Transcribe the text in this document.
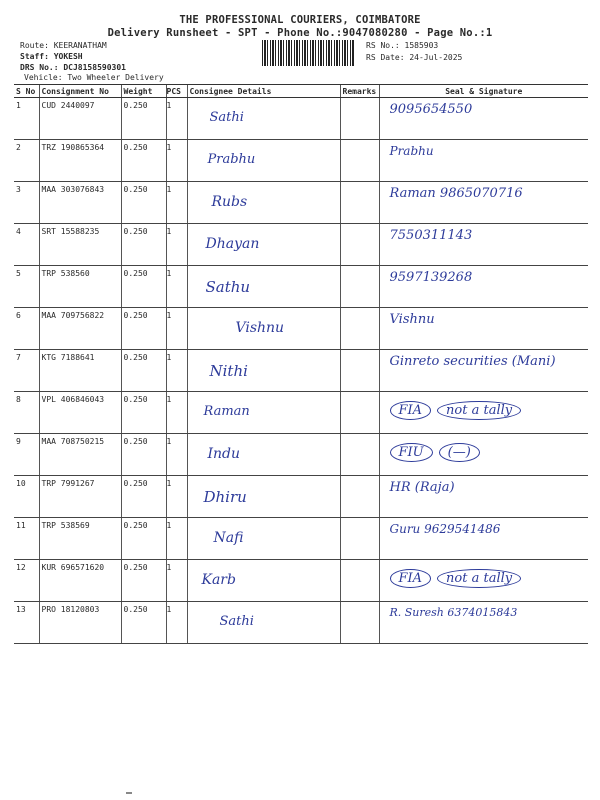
THE PROFESSIONAL COURIERS, COIMBATORE
Delivery Runsheet - SPT - Phone No.:9047080280 - Page No.:1
Route: KEERANATHAM
Staff: YOKESH
DRS No.: DCJ8158590301
Vehicle: Two Wheeler Delivery
RS No.: 1585903
RS Date: 24-Jul-2025
S No	Consignment No	Weight	PCS	Consignee Details	Remarks	Seal & Signature
1	CUD 2440097	0.250	1	Sathi		9095654550

2	TRZ 190865364	0.250	1	Prabhu		Prabhu

3	MAA 303076843	0.250	1	Rubs		Raman 9865070716

4	SRT 15588235	0.250	1	Dhayan		7550311143

5	TRP 538560	0.250	1	Sathu		9597139268

6	MAA 709756822	0.250	1	Vishnu		Vishnu

7	KTG 7188641	0.250	1	Nithi		Ginreto securities (Mani)

8	VPL 406846043	0.250	1	Raman		FIA not a tally

9	MAA 708750215	0.250	1	Indu		FIU (—)

10	TRP 7991267	0.250	1	Dhiru		HR (Raja)

11	TRP 538569	0.250	1	Nafi		Guru 9629541486

12	KUR 696571620	0.250	1	Karb		FIA not a tally

13	PRO 18120803	0.250	1	Sathi		R. Suresh 6374015843
